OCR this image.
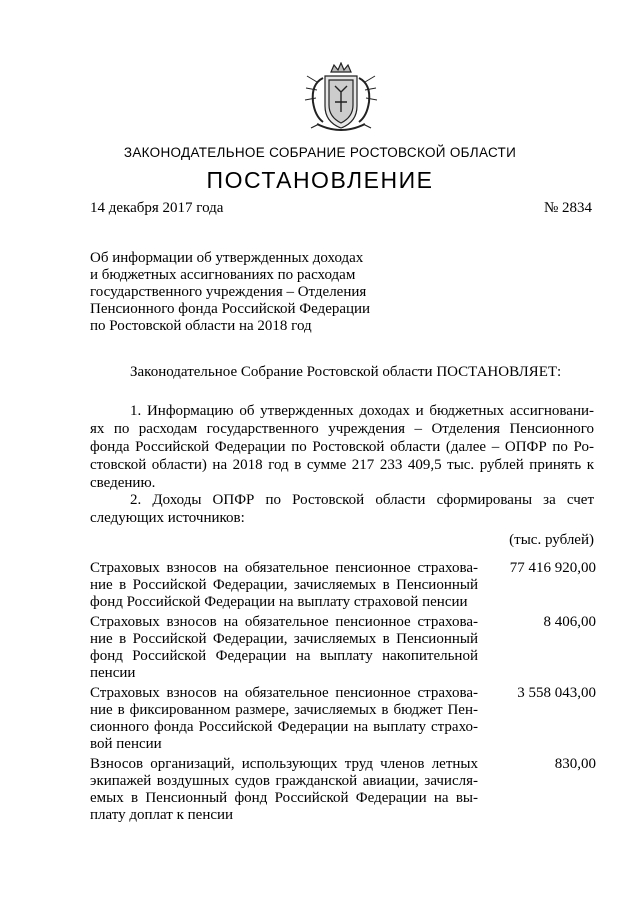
ЗАКОНОДАТЕЛЬНОЕ СОБРАНИЕ РОСТОВСКОЙ ОБЛАСТИ
ПОСТАНОВЛЕНИЕ
14 декабря 2017 года	№ 2834
Об информации об утвержденных доходах
и бюджетных ассигнованиях по расходам
государственного учреждения – Отделения
Пенсионного фонда Российской Федерации
по Ростовской области на 2018 год
Законодательное Собрание Ростовской области ПОСТАНОВЛЯЕТ:
1. Информацию об утвержденных доходах и бюджетных ассигновани-
ях по расходам государственного учреждения – Отделения Пенсионного
фонда Российской Федерации по Ростовской области (далее – ОПФР по Ро-
стовской области) на 2018 год в сумме 217 233 409,5 тыс. рублей принять к
сведению.
2. Доходы ОПФР по Ростовской области сформированы за счет
следующих источников:
(тыс. рублей)
Страховых взносов на обязательное пенсионное страхова-
ние в Российской Федерации, зачисляемых в Пенсионный
фонд Российской Федерации на выплату страховой пенсии
77 416 920,00
Страховых взносов на обязательное пенсионное страхова-
ние в Российской Федерации, зачисляемых в Пенсионный
фонд Российской Федерации на выплату накопительной
пенсии
8 406,00
Страховых взносов на обязательное пенсионное страхова-
ние в фиксированном размере, зачисляемых в бюджет Пен-
сионного фонда Российской Федерации на выплату страхо-
вой пенсии
3 558 043,00
Взносов организаций, использующих труд членов летных
экипажей воздушных судов гражданской авиации, зачисля-
емых в Пенсионный фонд Российской Федерации на вы-
плату доплат к пенсии
830,00
